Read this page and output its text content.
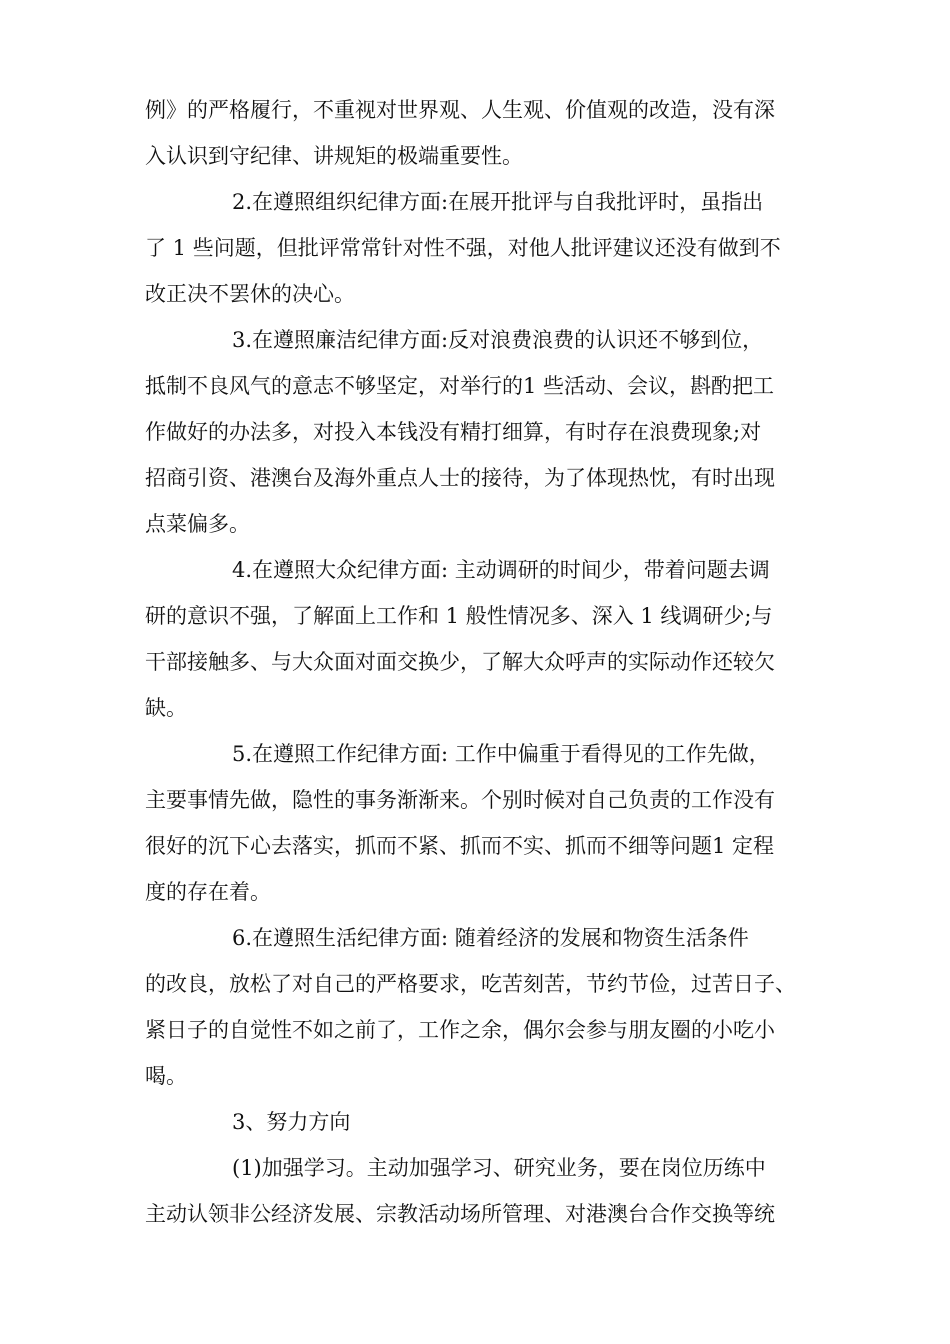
例》的严格履行，不重视对世界观、人生观、价值观的改造，没有深
入认识到守纪律、讲规矩的极端重要性。
2.在遵照组织纪律方面:在展开批评与自我批评时，虽指出
了 1 些问题，但批评常常针对性不强，对他人批评建议还没有做到不
改正决不罢休的决心。
3.在遵照廉洁纪律方面:反对浪费浪费的认识还不够到位，
抵制不良风气的意志不够坚定，对举行的1 些活动、会议，斟酌把工
作做好的办法多，对投入本钱没有精打细算，有时存在浪费现象;对
招商引资、港澳台及海外重点人士的接待，为了体现热忱，有时出现
点菜偏多。
4.在遵照大众纪律方面: 主动调研的时间少，带着问题去调
研的意识不强，了解面上工作和 1 般性情况多、深入 1 线调研少;与
干部接触多、与大众面对面交换少，了解大众呼声的实际动作还较欠
缺。
5.在遵照工作纪律方面: 工作中偏重于看得见的工作先做，
主要事情先做，隐性的事务渐渐来。个别时候对自己负责的工作没有
很好的沉下心去落实，抓而不紧、抓而不实、抓而不细等问题1 定程
度的存在着。
6.在遵照生活纪律方面: 随着经济的发展和物资生活条件
的改良，放松了对自己的严格要求，吃苦刻苦，节约节俭，过苦日子、
紧日子的自觉性不如之前了，工作之余，偶尔会参与朋友圈的小吃小
喝。
3、努力方向
(1)加强学习。主动加强学习、研究业务，要在岗位历练中
主动认领非公经济发展、宗教活动场所管理、对港澳台合作交换等统
